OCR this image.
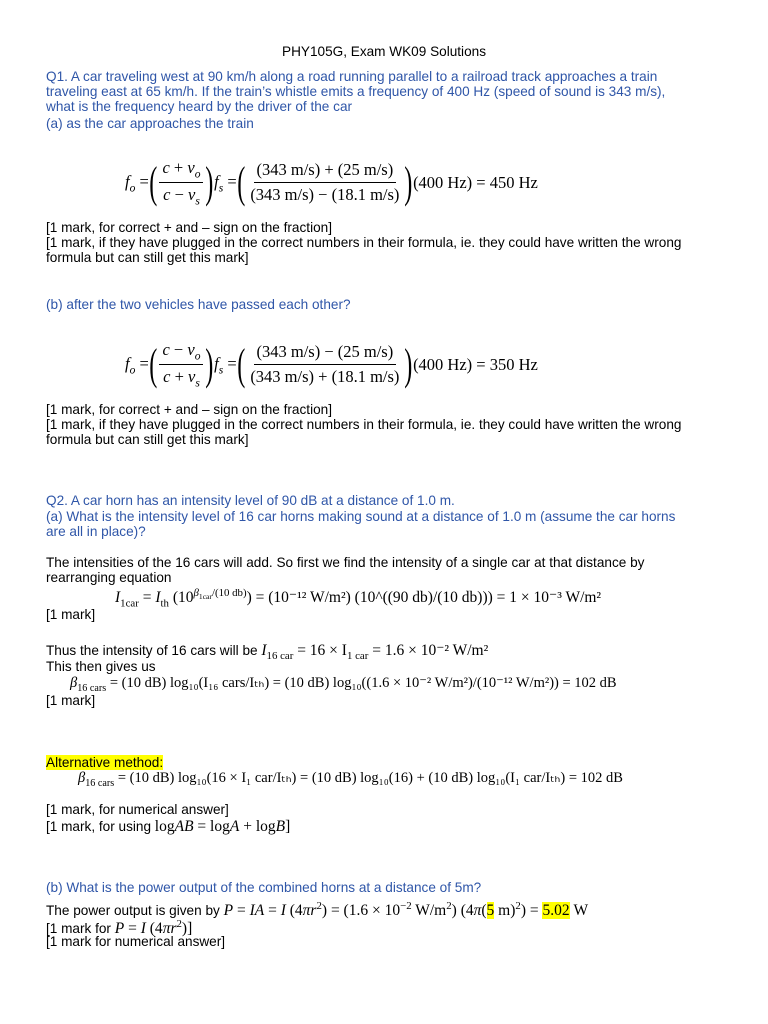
PHY105G, Exam WK09 Solutions
Q1. A car traveling west at 90 km/h along a road running parallel to a railroad track approaches a train
traveling east at 65 km/h. If the train’s whistle emits a frequency of 400 Hz (speed of sound is 343 m/s),
what is the frequency heard by the driver of the car
(a) as the car approaches the train
$f_o$ = ( $\frac{c + v_o}{c - v_s}$ ) $f_s$ = ( $\frac{(343 m/s) + (25 m/s)}{(343 m/s) - (18.1 m/s)}$ ) (400 Hz) = 450 Hz
[1 mark, for correct + and – sign on the fraction]
[1 mark, if they have plugged in the correct numbers in their formula, ie. they could have written the wrong
formula but can still get this mark]
(b) after the two vehicles have passed each other?
$f_o$ = ( $\frac{c - v_o}{c + v_s}$ ) $f_s$ = ( $\frac{(343 m/s) - (25 m/s)}{(343 m/s) + (18.1 m/s)}$ ) (400 Hz) = 350 Hz
[1 mark, for correct + and – sign on the fraction]
[1 mark, if they have plugged in the correct numbers in their formula, ie. they could have written the wrong
formula but can still get this mark]
Q2. A car horn has an intensity level of 90 dB at a distance of 1.0 m.
(a) What is the intensity level of 16 car horns making sound at a distance of 1.0 m (assume the car horns
are all in place)?
The intensities of the 16 cars will add. So first we find the intensity of a single car at that distance by
rearranging equation
$I_{1car} = I_{th}$ $(10^{\beta_{1car}/(10 db)}) = (10^{-12}$ W/m²) (10^((90 db)/(10 db))) = 1 × 10⁻³ W/m²
[1 mark]
Thus the intensity of 16 cars will be $I_{16 car} = 16 \times I_{1 car} = 1.6 \times 10^{-2}$ W/m²
This then gives us
$\beta_{16 cars} = (10$ dB) log₁₀(I₁₆ cars/Iₜₕ) = (10 dB) log₁₀((1.6 × 10⁻² W/m²)/(10⁻¹² W/m²)) = 102 dB
[1 mark]
Alternative method:
$\beta_{16 cars} = (10$ dB) log₁₀(16 × I₁ car/Iₜₕ) = (10 dB) log₁₀(16) + (10 dB) log₁₀(I₁ car/Iₜₕ) = 102 dB
[1 mark, for numerical answer]
[1 mark, for using logAB = logA + logB]
(b) What is the power output of the combined horns at a distance of 5m?
The power output is given by P = IA = I $(4\pi r^2) = (1.6 \times 10^{-2}$ $W/m^2$) (4π(5 m)$^2$) = 5.02 W
[1 mark for P = I $(4\pi r^2)$]
[1 mark for numerical answer]
